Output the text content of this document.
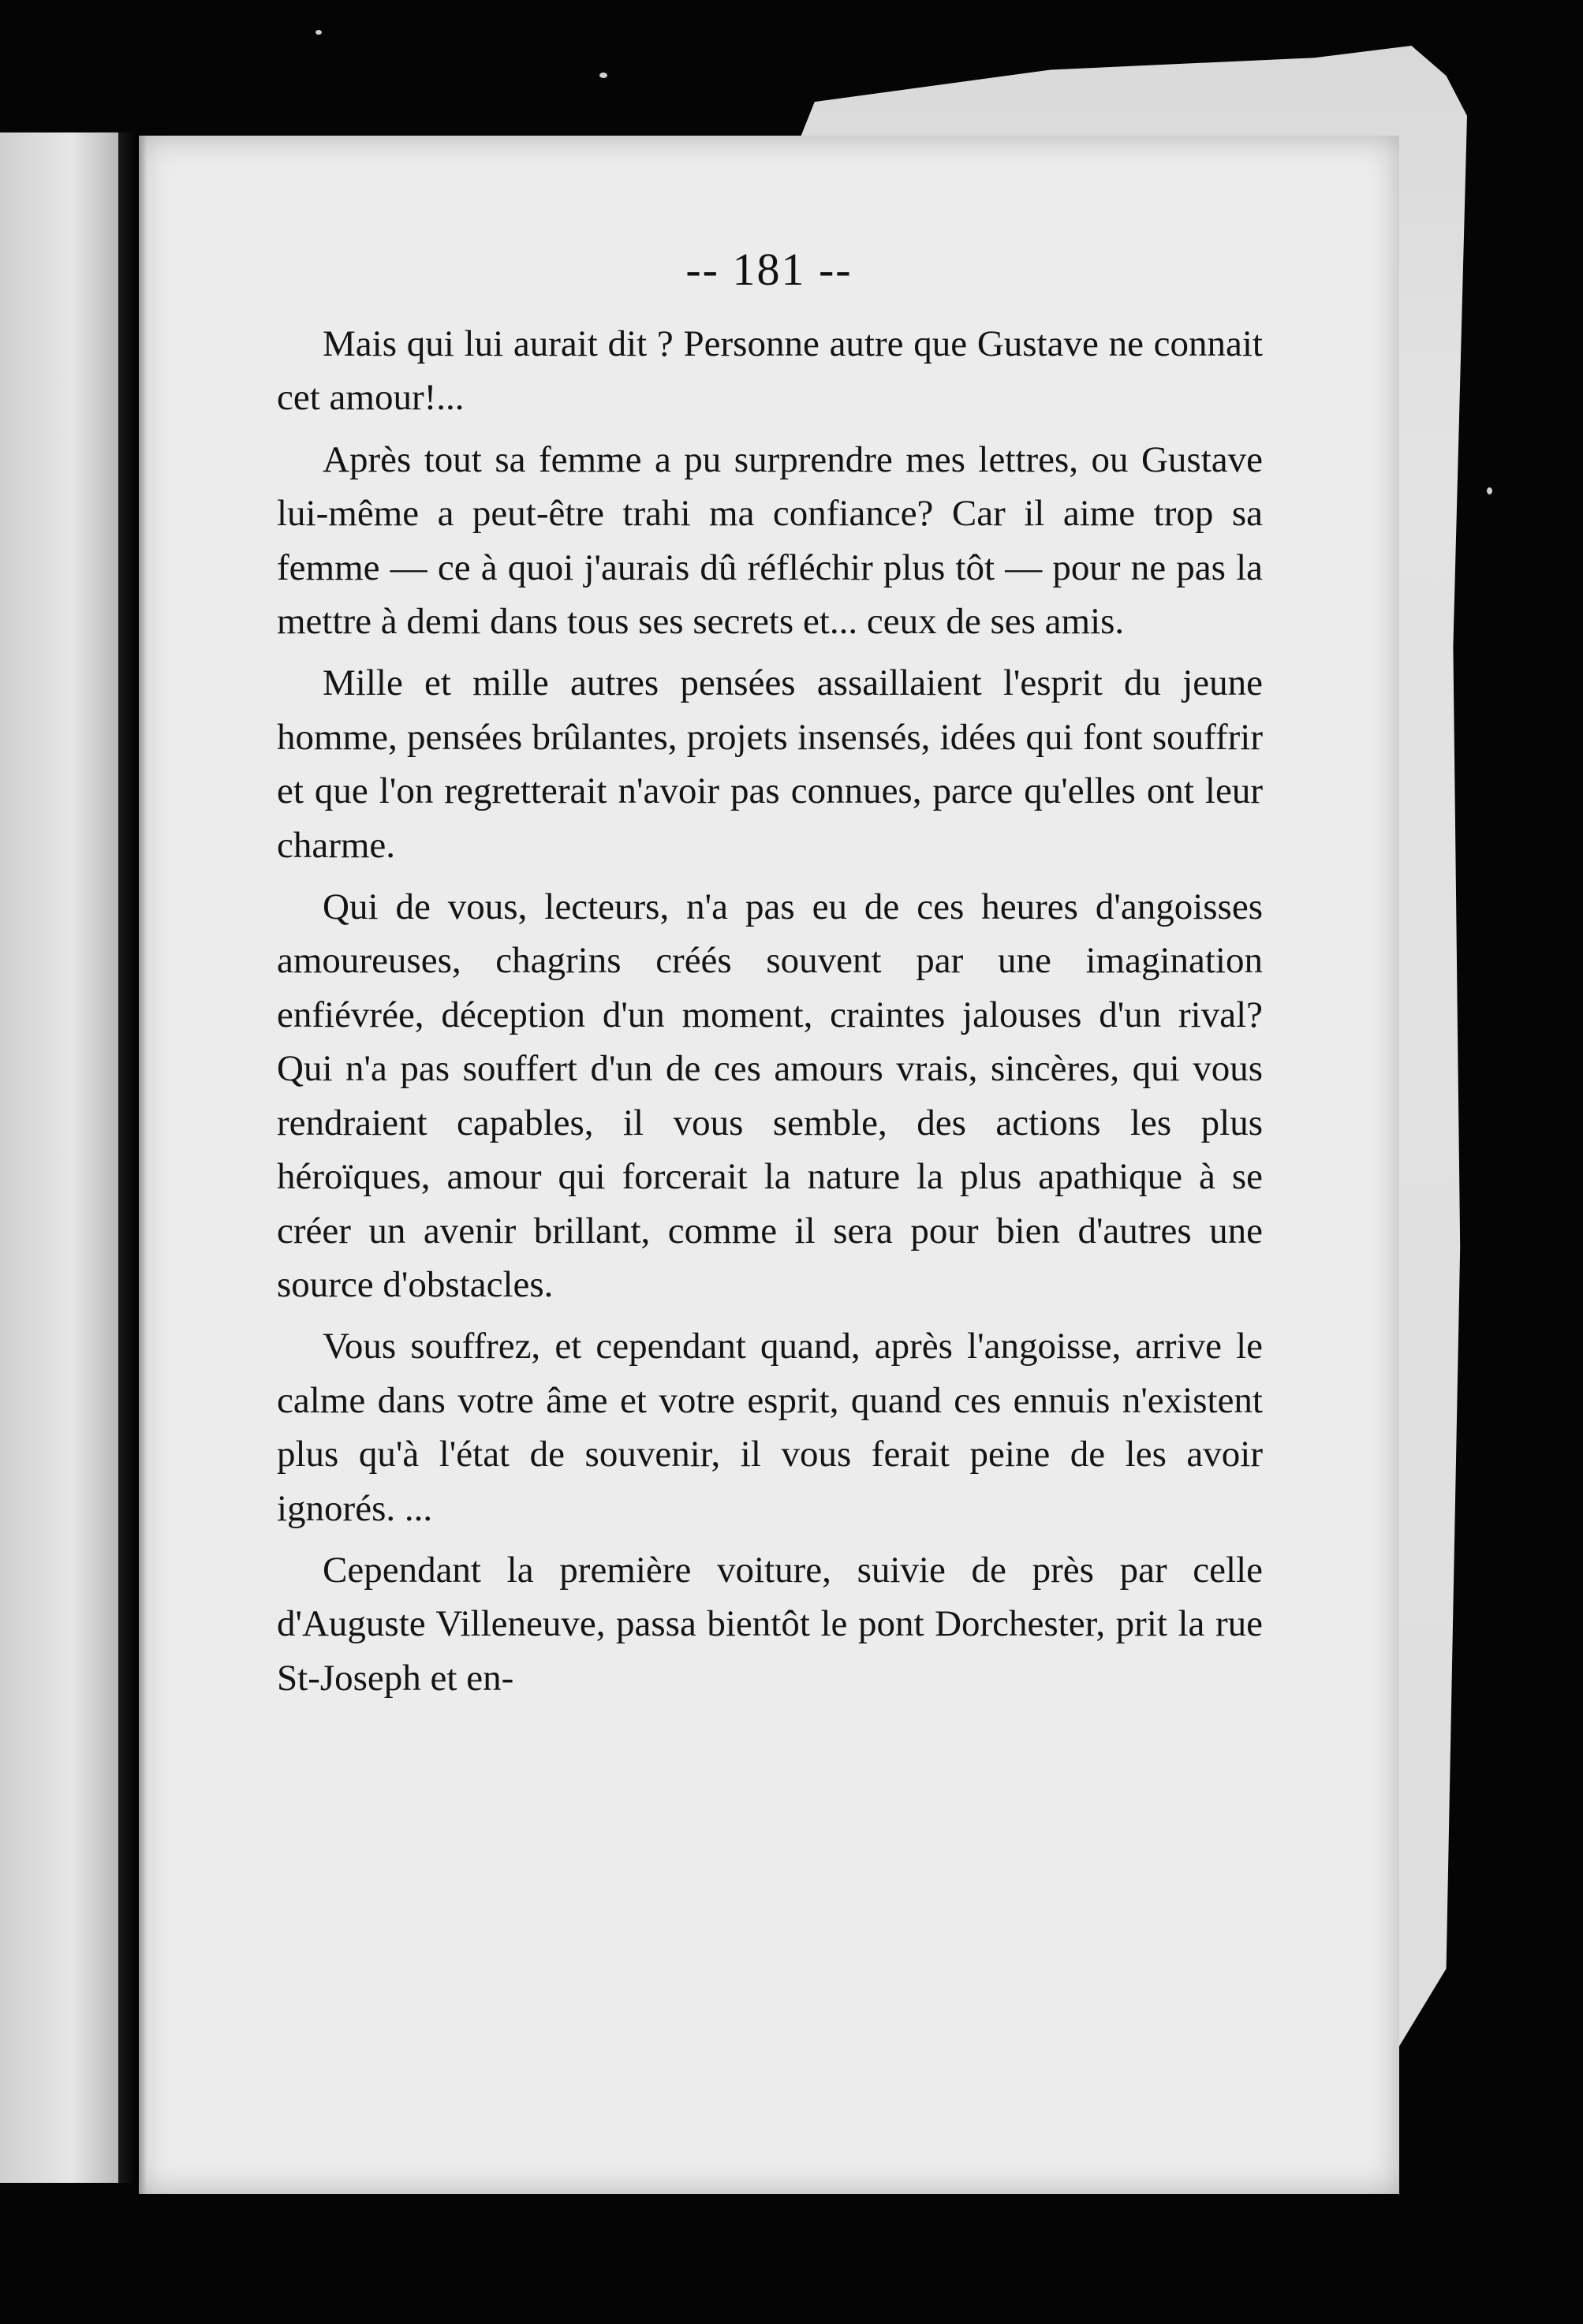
-- 181 --

Mais qui lui aurait dit ? Personne autre que Gustave ne connait cet amour!...

Après tout sa femme a pu surprendre mes lettres, ou Gustave lui-même a peut-être trahi ma confiance? Car il aime trop sa femme — ce à quoi j'aurais dû réfléchir plus tôt — pour ne pas la mettre à demi dans tous ses secrets et... ceux de ses amis.

Mille et mille autres pensées assaillaient l'esprit du jeune homme, pensées brûlantes, projets insensés, idées qui font souffrir et que l'on regretterait n'avoir pas connues, parce qu'elles ont leur charme.

Qui de vous, lecteurs, n'a pas eu de ces heures d'angoisses amoureuses, chagrins créés souvent par une imagination enfiévrée, déception d'un moment, craintes jalouses d'un rival? Qui n'a pas souffert d'un de ces amours vrais, sincères, qui vous rendraient capables, il vous semble, des actions les plus héroïques, amour qui forcerait la nature la plus apathique à se créer un avenir brillant, comme il sera pour bien d'autres une source d'obstacles.

Vous souffrez, et cependant quand, après l'angoisse, arrive le calme dans votre âme et votre esprit, quand ces ennuis n'existent plus qu'à l'état de souvenir, il vous ferait peine de les avoir ignorés. ...

Cependant la première voiture, suivie de près par celle d'Auguste Villeneuve, passa bientôt le pont Dorchester, prit la rue St-Joseph et en-
